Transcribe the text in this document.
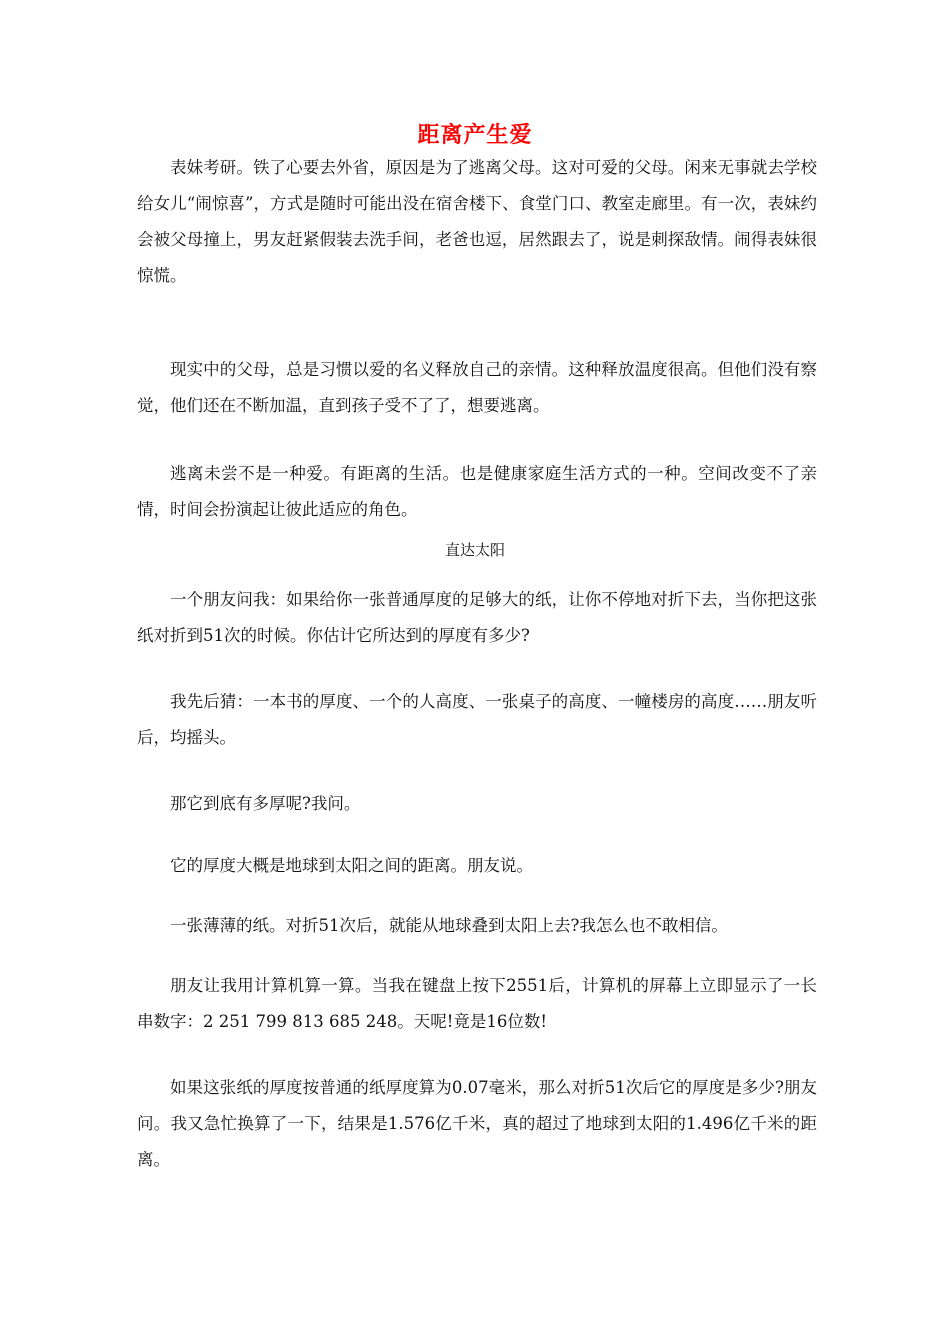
距离产生爱
表妹考研。铁了心要去外省，原因是为了逃离父母。这对可爱的父母。闲来无事就去学校给女儿“闹惊喜”，方式是随时可能出没在宿舍楼下、食堂门口、教室走廊里。有一次，表妹约会被父母撞上，男友赶紧假装去洗手间，老爸也逗，居然跟去了，说是刺探敌情。闹得表妹很惊慌。
现实中的父母，总是习惯以爱的名义释放自己的亲情。这种释放温度很高。但他们没有察觉，他们还在不断加温，直到孩子受不了了，想要逃离。
逃离未尝不是一种爱。有距离的生活。也是健康家庭生活方式的一种。空间改变不了亲情，时间会扮演起让彼此适应的角色。
直达太阳
一个朋友问我：如果给你一张普通厚度的足够大的纸，让你不停地对折下去，当你把这张纸对折到51次的时候。你估计它所达到的厚度有多少?
我先后猜：一本书的厚度、一个的人高度、一张桌子的高度、一幢楼房的高度……朋友听后，均摇头。
那它到底有多厚呢?我问。
它的厚度大概是地球到太阳之间的距离。朋友说。
一张薄薄的纸。对折51次后，就能从地球叠到太阳上去?我怎么也不敢相信。
朋友让我用计算机算一算。当我在键盘上按下2551后，计算机的屏幕上立即显示了一长串数字：2 251 799 813 685 248。天呢!竟是16位数!
如果这张纸的厚度按普通的纸厚度算为0.07毫米，那么对折51次后它的厚度是多少?朋友问。我又急忙换算了一下，结果是1.576亿千米，真的超过了地球到太阳的1.496亿千米的距离。
